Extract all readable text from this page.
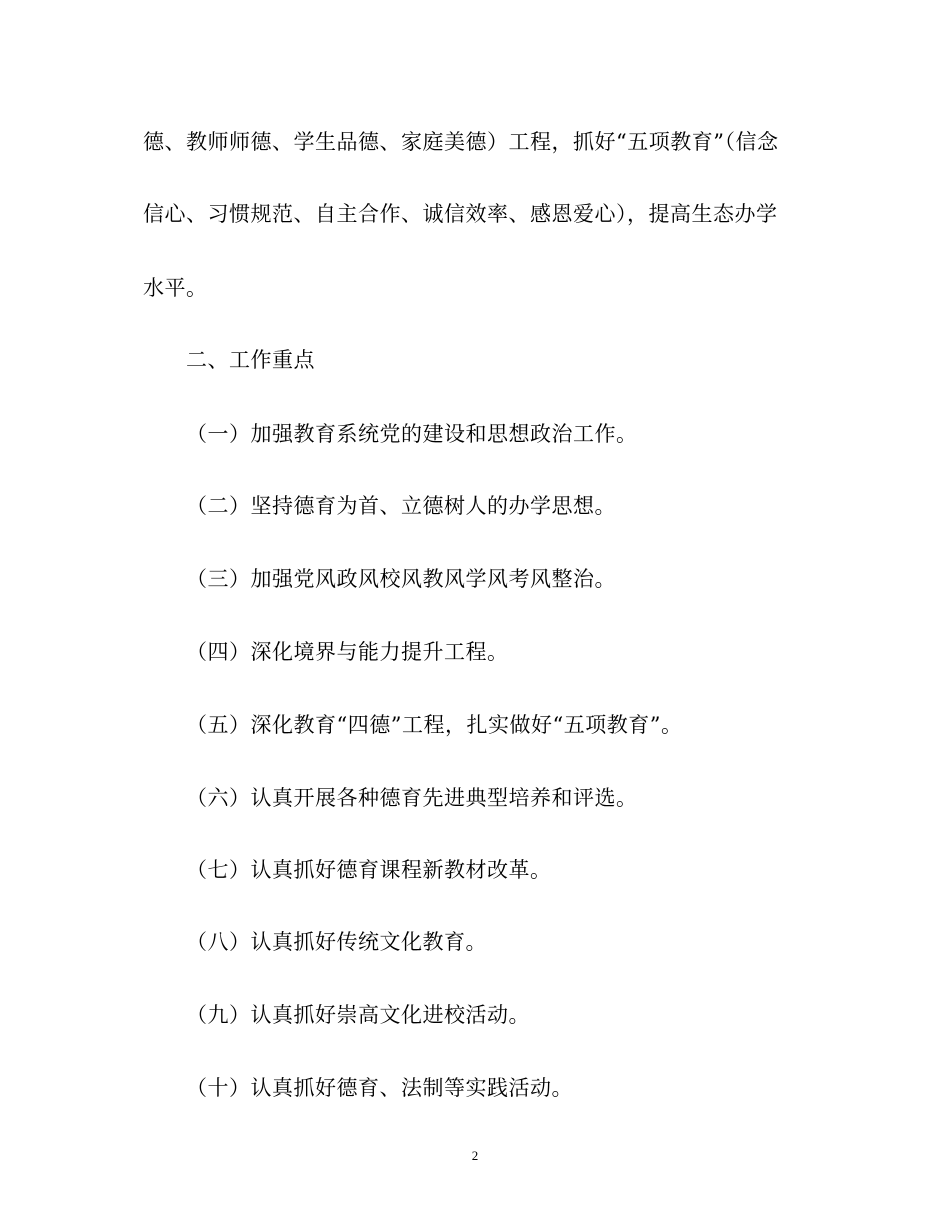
德、教师师德、学生品德、家庭美德）工程，抓好“五项教育”（信念
信心、习惯规范、自主合作、诚信效率、感恩爱心），提高生态办学
水平。
二、工作重点
（一）加强教育系统党的建设和思想政治工作。
（二）坚持德育为首、立德树人的办学思想。
（三）加强党风政风校风教风学风考风整治。
（四）深化境界与能力提升工程。
（五）深化教育“四德”工程，扎实做好“五项教育”。
（六）认真开展各种德育先进典型培养和评选。
（七）认真抓好德育课程新教材改革。
（八）认真抓好传统文化教育。
（九）认真抓好崇高文化进校活动。
（十）认真抓好德育、法制等实践活动。
2
